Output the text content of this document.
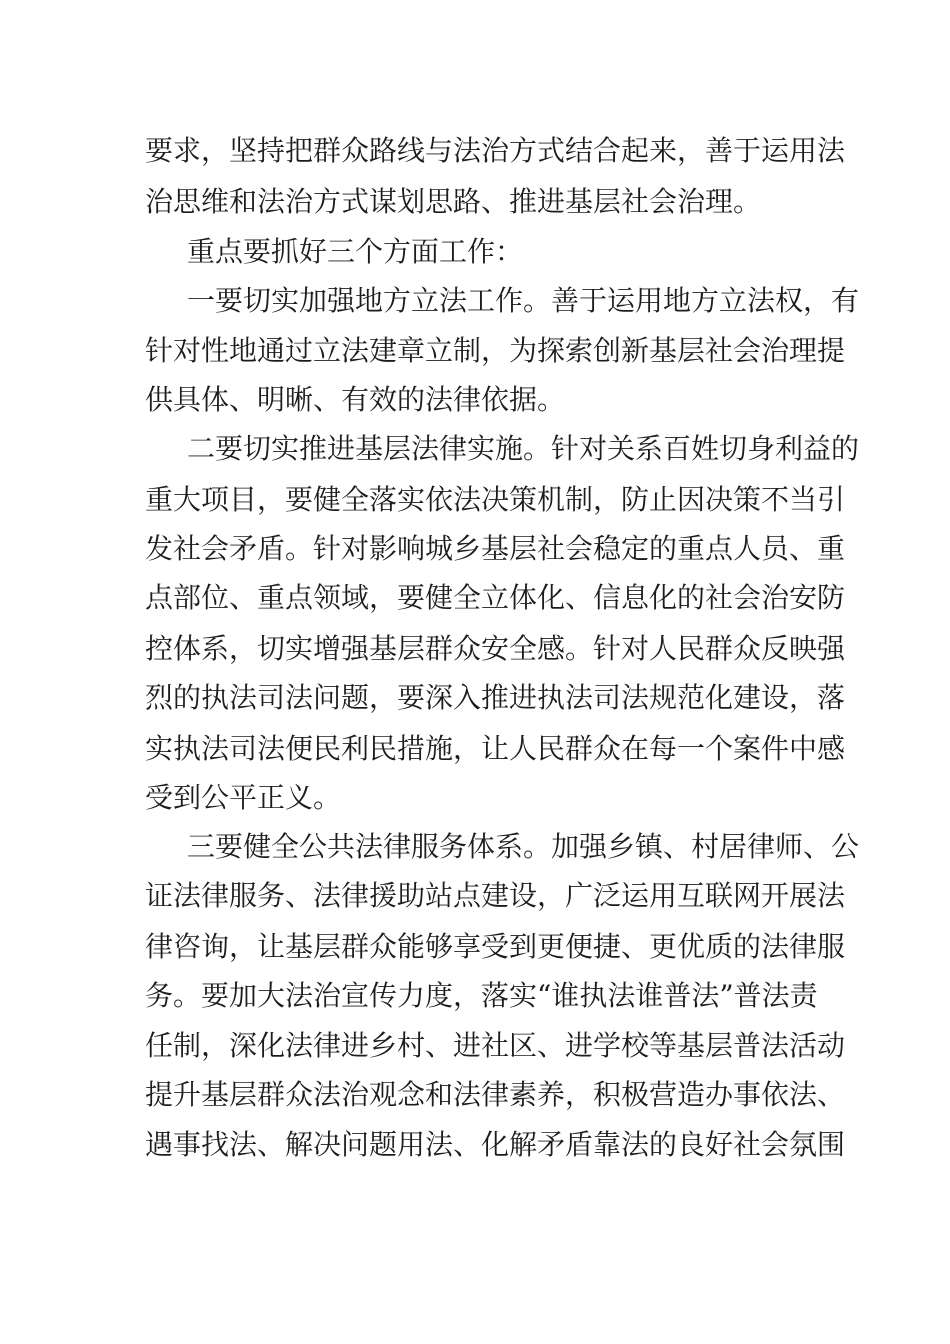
要求，坚持把群众路线与法治方式结合起来，善于运用法

治思维和法治方式谋划思路、推进基层社会治理。

重点要抓好三个方面工作：

一要切实加强地方立法工作。善于运用地方立法权，有

针对性地通过立法建章立制，为探索创新基层社会治理提

供具体、明晰、有效的法律依据。

二要切实推进基层法律实施。针对关系百姓切身利益的

重大项目，要健全落实依法决策机制，防止因决策不当引

发社会矛盾。针对影响城乡基层社会稳定的重点人员、重

点部位、重点领域，要健全立体化、信息化的社会治安防

控体系，切实增强基层群众安全感。针对人民群众反映强

烈的执法司法问题，要深入推进执法司法规范化建设，落

实执法司法便民利民措施，让人民群众在每一个案件中感

受到公平正义。

三要健全公共法律服务体系。加强乡镇、村居律师、公

证法律服务、法律援助站点建设，广泛运用互联网开展法

律咨询，让基层群众能够享受到更便捷、更优质的法律服

务。要加大法治宣传力度，落实“谁执法谁普法”普法责

任制，深化法律进乡村、进社区、进学校等基层普法活动

提升基层群众法治观念和法律素养，积极营造办事依法、

遇事找法、解决问题用法、化解矛盾靠法的良好社会氛围
